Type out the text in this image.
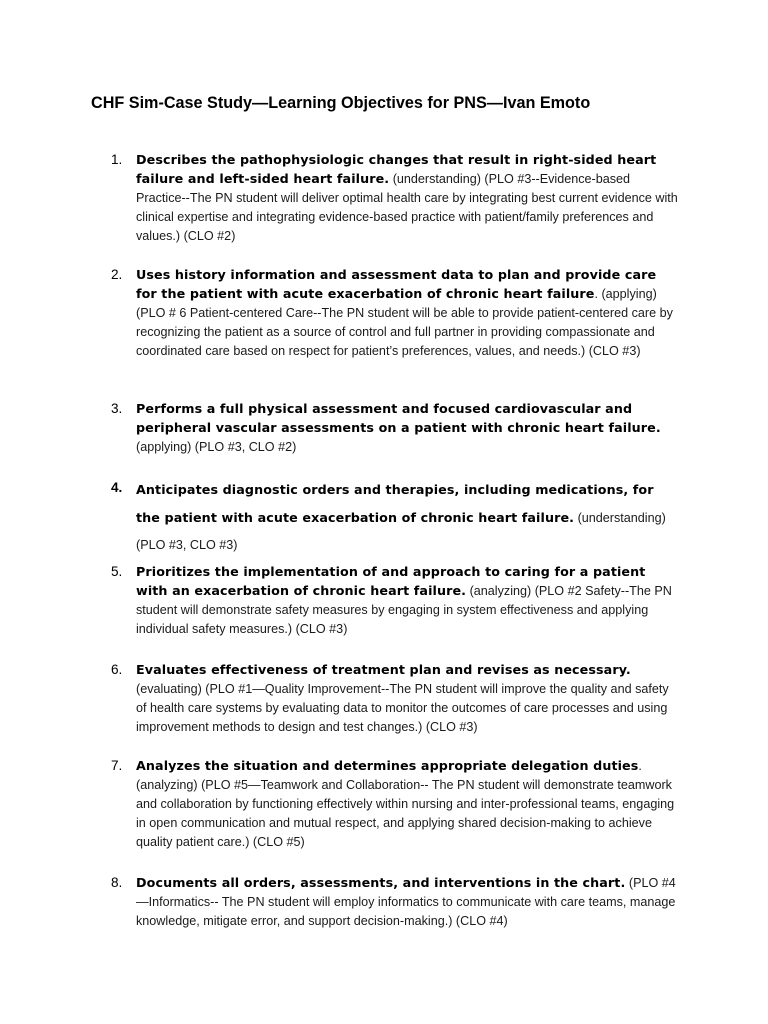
CHF Sim-Case Study—Learning Objectives for PNS—Ivan Emoto
1.	Describes the pathophysiologic changes that result in right-sided heart failure and left-sided heart failure. (understanding) (PLO #3--Evidence-based Practice--The PN student will deliver optimal health care by integrating best current evidence with clinical expertise and integrating evidence-based practice with patient/family preferences and values.) (CLO #2)
2.	Uses history information and assessment data to plan and provide care for the patient with acute exacerbation of chronic heart failure. (applying) (PLO # 6 Patient-centered Care--The PN student will be able to provide patient-centered care by recognizing the patient as a source of control and full partner in providing compassionate and coordinated care based on respect for patient’s preferences, values, and needs.) (CLO #3)
3.	Performs a full physical assessment and focused cardiovascular and peripheral vascular assessments on a patient with chronic heart failure. (applying) (PLO #3, CLO #2)
4.	Anticipates diagnostic orders and therapies, including medications, for the patient with acute exacerbation of chronic heart failure. (understanding) (PLO #3, CLO #3)
5.	Prioritizes the implementation of and approach to caring for a patient with an exacerbation of chronic heart failure. (analyzing) (PLO #2 Safety--The PN student will demonstrate safety measures by engaging in system effectiveness and applying individual safety measures.) (CLO #3)
6.	Evaluates effectiveness of treatment plan and revises as necessary. (evaluating) (PLO #1—Quality Improvement--The PN student will improve the quality and safety of health care systems by evaluating data to monitor the outcomes of care processes and using improvement methods to design and test changes.) (CLO #3)
7.	Analyzes the situation and determines appropriate delegation duties. (analyzing) (PLO #5—Teamwork and Collaboration-- The PN student will demonstrate teamwork and collaboration by functioning effectively within nursing and inter-professional teams, engaging in open communication and mutual respect, and applying shared decision-making to achieve quality patient care.) (CLO #5)
8.	Documents all orders, assessments, and interventions in the chart. (PLO #4 —Informatics-- The PN student will employ informatics to communicate with care teams, manage knowledge, mitigate error, and support decision-making.) (CLO #4)
